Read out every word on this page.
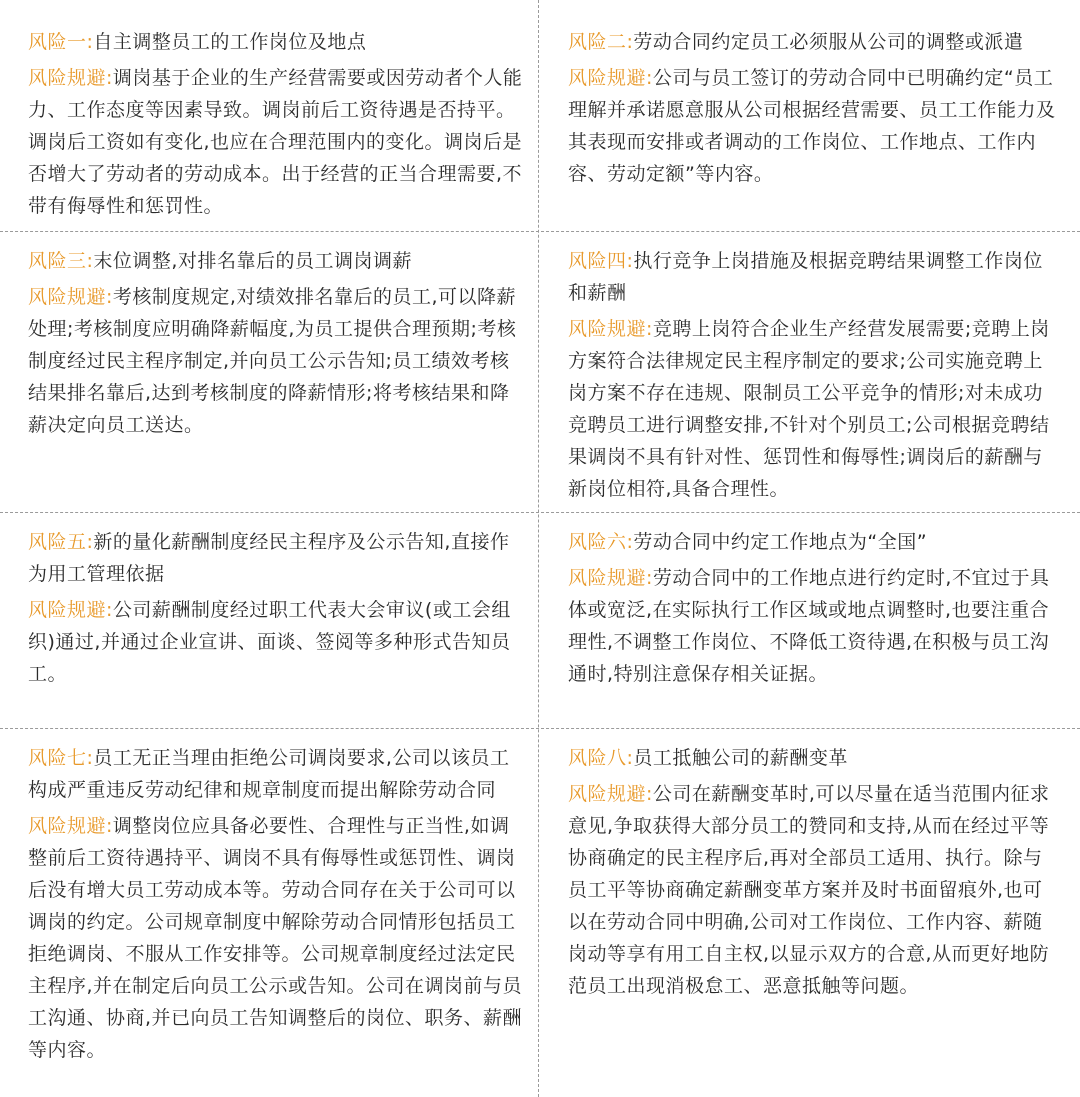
风险一:自主调整员工的工作岗位及地点

风险规避:调岗基于企业的生产经营需要或因劳动者个人能力、工作态度等因素导致。调岗前后工资待遇是否持平。调岗后工资如有变化,也应在合理范围内的变化。调岗后是否增大了劳动者的劳动成本。出于经营的正当合理需要,不带有侮辱性和惩罚性。

风险二:劳动合同约定员工必须服从公司的调整或派遣

风险规避:公司与员工签订的劳动合同中已明确约定“员工理解并承诺愿意服从公司根据经营需要、员工工作能力及其表现而安排或者调动的工作岗位、工作地点、工作内容、劳动定额”等内容。

风险三:末位调整,对排名靠后的员工调岗调薪

风险规避:考核制度规定,对绩效排名靠后的员工,可以降薪处理;考核制度应明确降薪幅度,为员工提供合理预期;考核制度经过民主程序制定,并向员工公示告知;员工绩效考核结果排名靠后,达到考核制度的降薪情形;将考核结果和降薪决定向员工送达。

风险四:执行竞争上岗措施及根据竞聘结果调整工作岗位和薪酬

风险规避:竞聘上岗符合企业生产经营发展需要;竞聘上岗方案符合法律规定民主程序制定的要求;公司实施竞聘上岗方案不存在违规、限制员工公平竞争的情形;对未成功竞聘员工进行调整安排,不针对个别员工;公司根据竞聘结果调岗不具有针对性、惩罚性和侮辱性;调岗后的薪酬与新岗位相符,具备合理性。

风险五:新的量化薪酬制度经民主程序及公示告知,直接作为用工管理依据

风险规避:公司薪酬制度经过职工代表大会审议(或工会组织)通过,并通过企业宣讲、面谈、签阅等多种形式告知员工。

风险六:劳动合同中约定工作地点为“全国”

风险规避:劳动合同中的工作地点进行约定时,不宜过于具体或宽泛,在实际执行工作区域或地点调整时,也要注重合理性,不调整工作岗位、不降低工资待遇,在积极与员工沟通时,特别注意保存相关证据。

风险七:员工无正当理由拒绝公司调岗要求,公司以该员工构成严重违反劳动纪律和规章制度而提出解除劳动合同

风险规避:调整岗位应具备必要性、合理性与正当性,如调整前后工资待遇持平、调岗不具有侮辱性或惩罚性、调岗后没有增大员工劳动成本等。劳动合同存在关于公司可以调岗的约定。公司规章制度中解除劳动合同情形包括员工拒绝调岗、不服从工作安排等。公司规章制度经过法定民主程序,并在制定后向员工公示或告知。公司在调岗前与员工沟通、协商,并已向员工告知调整后的岗位、职务、薪酬等内容。

风险八:员工抵触公司的薪酬变革

风险规避:公司在薪酬变革时,可以尽量在适当范围内征求意见,争取获得大部分员工的赞同和支持,从而在经过平等协商确定的民主程序后,再对全部员工适用、执行。除与员工平等协商确定薪酬变革方案并及时书面留痕外,也可以在劳动合同中明确,公司对工作岗位、工作内容、薪随岗动等享有用工自主权,以显示双方的合意,从而更好地防范员工出现消极怠工、恶意抵触等问题。
